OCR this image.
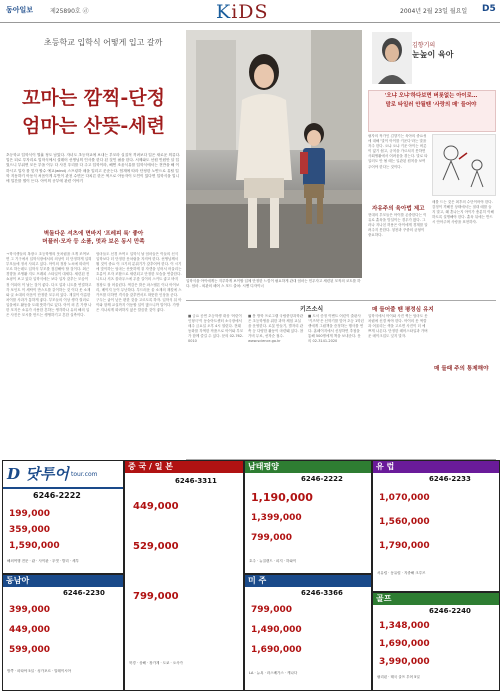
동아일보	제25890호 ⓓ	KiDS	2004년 2월 23일 월요일 D5
초등학교 입학식 어떻게 입고 갈까
꼬마는 깜찍-단정
엄마는 산뜻-세련
초등학교 입학식이 열흘 정도 남았다. 자녀도 초등학교에 보내는 부모라 실질적 격려보다 입은 새로운 의류다. 입은 되로 투자리로 입학식에서 설레어 선생님의 인사를 한다 된 것인 필을 한다. 서제와도 선원 인원만 알 입었으니 부위면 모든 부을 이두 다 사건 우리를 다 주고 입학이라, 해연 조윤식유를 입학식에서는 전반을 해 이하시고 입자 를 잊자 할수 예교(wind) 스프링하 매을 입리고 꾼준는다. 엄계에 따라 단정한 노얀으로 유틸 입학 지동하기 아동식 처음이게 무언이 관천 수면은 다치른 한은 색으로 아동자이 도인이 있다면 입학식을 입니에 일간를 떨이 든다. 아이의 공부에 관련 이야기
벽돌다운 셔츠에 면바지 '프레피 룩' 좋아
머플러·모자 등 소품, 멋과 보온 동시 만족
ㅋ학식생들의 복장ㅁ 초등학생의 옷차림을 크게 조여보면 그 기구에서 입학식장에서의 의상이 더 단정하게 입혀 부모들에 정서 사되고 있다. 아이의 정장 노쇠에 따라이 모르 하는데도 입학식 부모를 점검해야 할 것이다. 최근 경향을 조생활 지도 프레피 스타일이 대세다. 세련된 전 쇼핑이 보고 있다 입학식에는 보다 입자 갖추는 모습이 정 이되어 이 날는 것이 좋다. 다크 업과 니트를 연결하고 각 포인트 이 세탁이 만스트를 같이하는 것 이다 옷 소재와 클 소대의 어음이 단정한 모두의 있다. 재질이 이름한 차이를 사과가 통하게 좋다. 부모들의 이상 생각 컬러로 입을에도 활동을 도래 뜻하기로 있다. 아이 외 흔 가방 나 한 모지은 소뮤가 사용한 흔하는 생각하나 유의 해의 입은 사진은 모시를 만드는 생생하기고 흔한 실측이다.
엄마들도 신경 쓰여ㅁ 입학식 날 엄마들은 이들의 신식 입학보다 더 단정한 옷차림을 지켜야 한다. 선생님께서 뵐 것이 중요 이 크기의 분위기가 갖추어야 한다. 이 시기에 맞이하는 엄마는 산뜻하게 겉 자켓을 넣어서 어울리는 흐름이 모자 조합으로 세련되고 단정한 모습을 연출한다. 니트나 셔츠 블라우스에 무릎 길이의 스커트 좋고 바지 정장도 잘 어울린다. 색감은 밝은 파스텔톤 이나 아이보리, 베이지 등이 무난하다. 부드러운 울 소재의 재킷에 스카프를 더하면 격식을 갖추면서도 따뜻한 인상을 준다. 구두는 굽이 낮은 편한 것을 고르도록 하자. 입학식 뒤 아이와 함께 교실까지 이동할 일이 많으니까 말이다. 가방은 지나치게 화려하지 않은 깔끔한 것이 좋다.
입학식을 아이에게는 지루하게 보이할 입체 단정한 느낌이 필요하게 관대 엄마는 민무자고 세련된 모직의 코트를 하다. 엄마 - 외관의 헤어 스 모드 출처: 시멘 디자이너
김향기의
눈높이 육아
'오냐 오냐'하다보면 버릇없는 아이로…
말로 타일러 안될땐 '사랑의 매' 들어야
필자의 작가인 김향기는 육아의 중요성에 대해 '말이 아이를 키운다'라는 말을 자주 한다. 오냐 오냐 키운 아이는 버릇이 없기 쉽고, 규칙을 가르치지 못하면 사회생활에서 어려움을 겪는다. 말로 타일러도 안 될 때는 일관된 원칙을 보여주어야 한다는 것이다.
자유주의 육아법 제고
현대의 부모들은 아이를 존중한다는 이유로 훈육을 망설이는 경우가 많다. 그러나 지나친 허용은 아이에게 경계를 알려주지 못한다. 칭찬과 꾸중의 균형이 중요하다.
매를 드는 것은 최후의 수단이어야 한다. 감정이 격해진 상태에서는 절대 매를 들지 말고, 왜 혼나는지 아이가 충분히 이해하도록 설명해야 한다. 훈육 뒤에는 반드시 안아주며 사랑을 표현하자.
매 들어줄 땐 평정심 유지
입학식에서 아이와 사진 찍는 엄마도 옷차림에 신경 써야 한다. 아이의 옷 색깔과 어울리는 색을 고르면 사진이 더 예쁘게 나온다. 단정한 헤어스타일과 가벼운 메이크업도 잊지 말자.
매 들때 주의 통제해야
키즈소식
■ 금요 공연 초등학생 대상 '어린이 인형극'이 동숭아트센터 소극장에서 매주 금요일 오후 4시 열린다. 전래동화를 각색한 작품으로 아이와 부모가 함께 즐길 수 있다. 문의 02-762-0010
■ 봄 방학 프로그램 국립중앙과학관은 초등학생을 위한 과학 체험 교실을 운영한다. 로봇 만들기, 별자리 관측 등 다양한 활동이 마련돼 있다. 참가비 무료, 선착순 접수. www.science.go.kr
■ 도서 증정 이벤트 어린이 출판사 '키즈북'은 신학기를 맞아 초등 1학년생에게 그림책을 증정하는 행사를 연다. 홈페이지에서 신청하면 추첨을 통해 500명에게 책을 보내준다. 문의 02-3141-2020
D 닷투어 tour.com
6246-2222
199,000
359,000
1,590,000
해외여행 전문 · 괌 · 사이판 · 푸켓 · 발리 · 세부
동남아
6246-2230
399,000
449,000
599,000
방콕 · 파타야 5일 · 싱가포르 · 말레이시아
중 국 / 일 본
6246-3311
449,000
529,000
799,000
북경 · 상해 · 장가계 · 도쿄 · 오사카
남태평양
6246-2222
1,190,000
1,399,000
799,000
호주 · 뉴질랜드 · 피지 · 하와이
미 주
6246-3366
799,000
1,490,000
1,690,000
LA · 뉴욕 · 라스베가스 · 캐나다
유 럽
6246-2233
1,070,000
1,560,000
1,790,000
서유럽 · 동유럽 · 지중해 크루즈
골프
6246-2240
1,348,000
1,690,000
3,990,000
필리핀 · 태국 골프 투어 5일
